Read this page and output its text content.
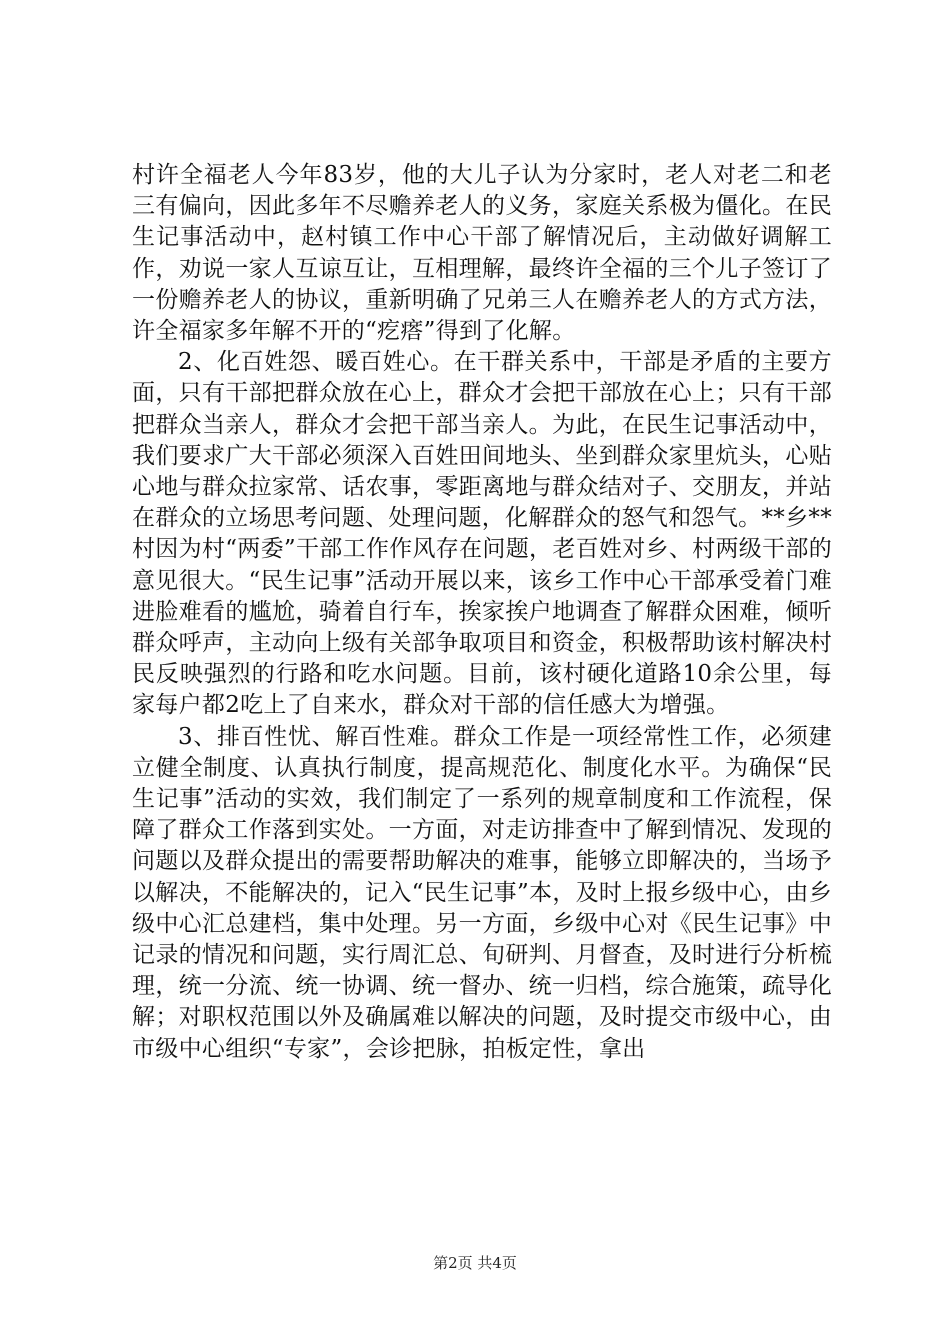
村许全福老人今年83岁，他的大儿子认为分家时，老人对老二和老三有偏向，因此多年不尽赡养老人的义务，家庭关系极为僵化。在民生记事活动中，赵村镇工作中心干部了解情况后，主动做好调解工作，劝说一家人互谅互让，互相理解，最终许全福的三个儿子签订了一份赡养老人的协议，重新明确了兄弟三人在赡养老人的方式方法，许全福家多年解不开的“疙瘩”得到了化解。

2、化百姓怨、暖百姓心。在干群关系中，干部是矛盾的主要方面，只有干部把群众放在心上，群众才会把干部放在心上；只有干部把群众当亲人，群众才会把干部当亲人。为此，在民生记事活动中，我们要求广大干部必须深入百姓田间地头、坐到群众家里炕头，心贴心地与群众拉家常、话农事，零距离地与群众结对子、交朋友，并站在群众的立场思考问题、处理问题，化解群众的怒气和怨气。**乡**村因为村“两委”干部工作作风存在问题，老百姓对乡、村两级干部的意见很大。“民生记事”活动开展以来，该乡工作中心干部承受着门难进脸难看的尴尬，骑着自行车，挨家挨户地调查了解群众困难，倾听群众呼声，主动向上级有关部争取项目和资金，积极帮助该村解决村民反映强烈的行路和吃水问题。目前，该村硬化道路10余公里，每家每户都2吃上了自来水，群众对干部的信任感大为增强。

3、排百性忧、解百性难。群众工作是一项经常性工作，必须建立健全制度、认真执行制度，提高规范化、制度化水平。为确保“民生记事”活动的实效，我们制定了一系列的规章制度和工作流程，保障了群众工作落到实处。一方面，对走访排查中了解到情况、发现的问题以及群众提出的需要帮助解决的难事，能够立即解决的，当场予以解决，不能解决的，记入“民生记事”本，及时上报乡级中心，由乡级中心汇总建档，集中处理。另一方面，乡级中心对《民生记事》中记录的情况和问题，实行周汇总、旬研判、月督查，及时进行分析梳理，统一分流、统一协调、统一督办、统一归档，综合施策，疏导化解；对职权范围以外及确属难以解决的问题，及时提交市级中心，由市级中心组织“专家”，会诊把脉，拍板定性，拿出

第2页 共4页
